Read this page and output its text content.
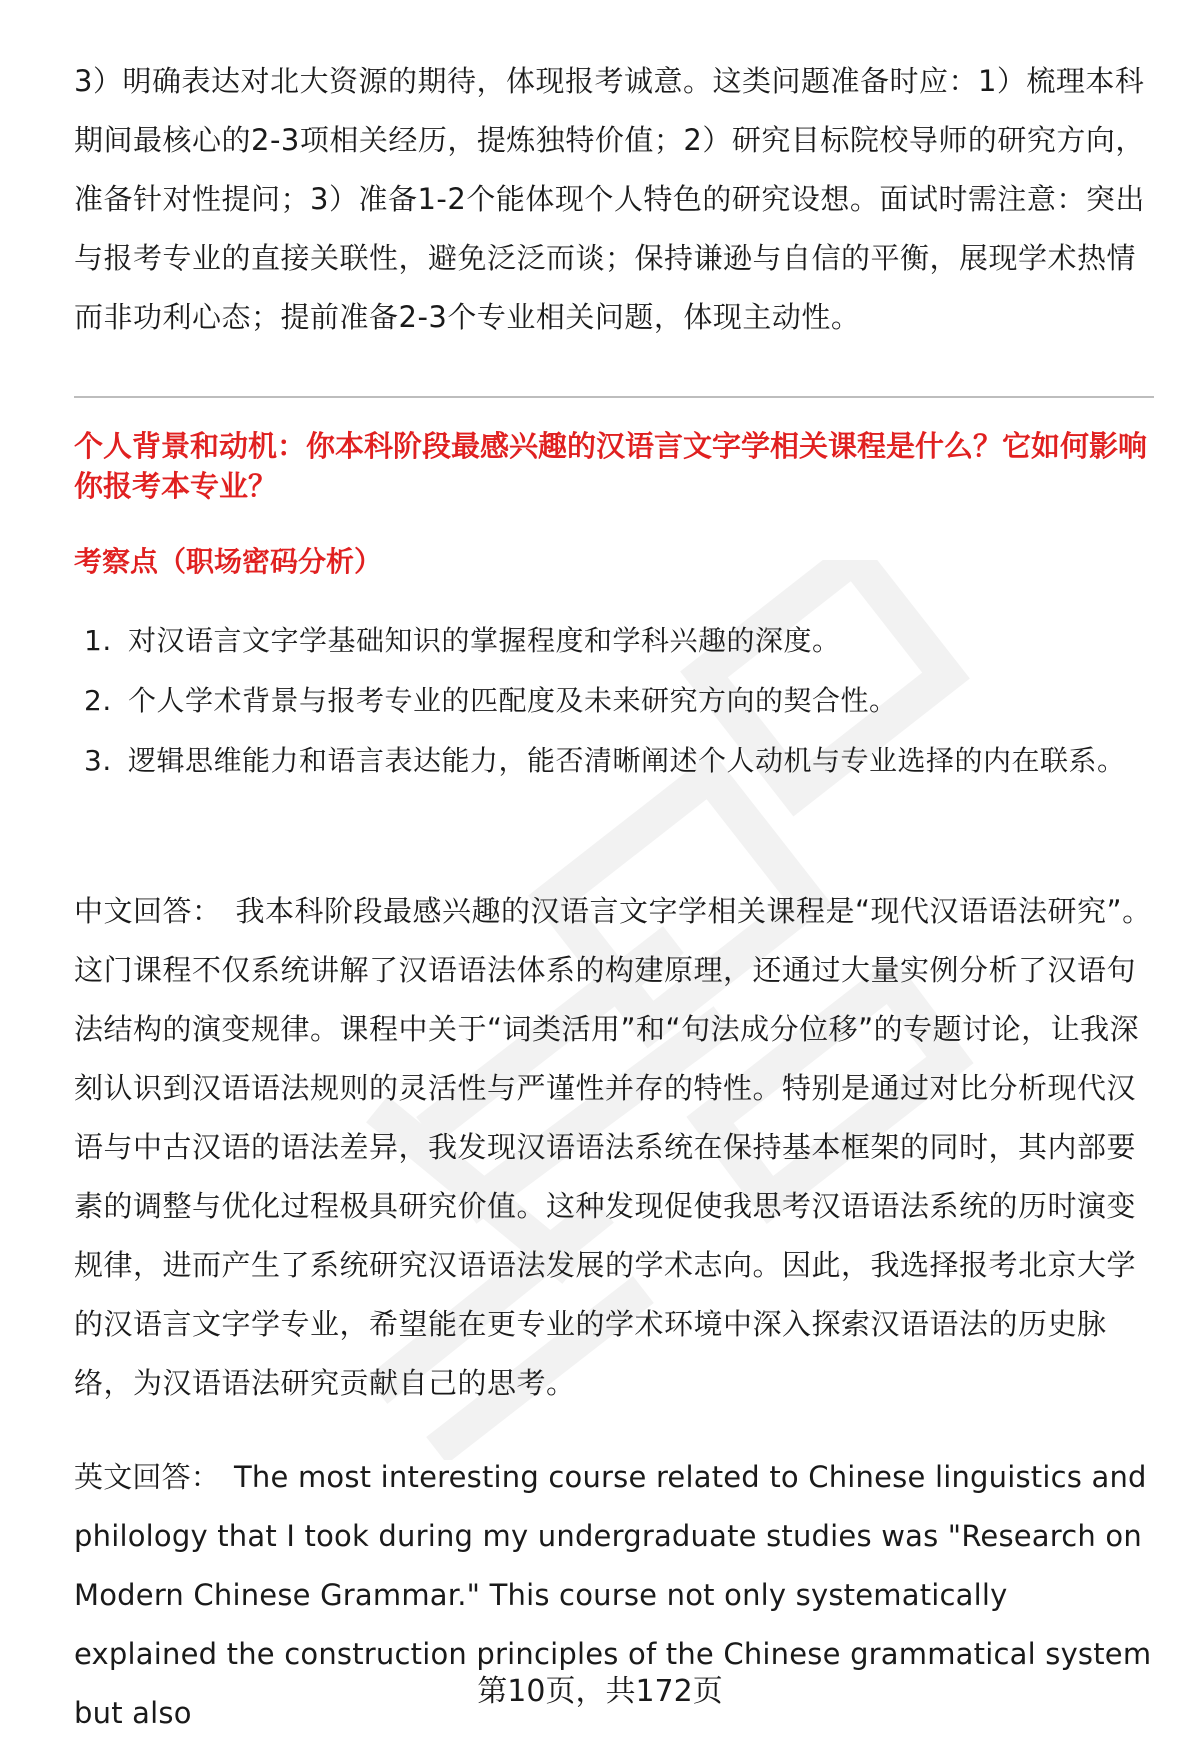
3）明确表达对北大资源的期待，体现报考诚意。这类问题准备时应：1）梳理本科期间最核心的2-3项相关经历，提炼独特价值；2）研究目标院校导师的研究方向，准备针对性提问；3）准备1-2个能体现个人特色的研究设想。面试时需注意：突出与报考专业的直接关联性，避免泛泛而谈；保持谦逊与自信的平衡，展现学术热情而非功利心态；提前准备2-3个专业相关问题，体现主动性。

个人背景和动机：你本科阶段最感兴趣的汉语言文字学相关课程是什么？它如何影响你报考本专业？
考察点（职场密码分析）
1. 对汉语言文字学基础知识的掌握程度和学科兴趣的深度。
2. 个人学术背景与报考专业的匹配度及未来研究方向的契合性。
3. 逻辑思维能力和语言表达能力，能否清晰阐述个人动机与专业选择的内在联系。

中文回答： 我本科阶段最感兴趣的汉语言文字学相关课程是“现代汉语语法研究”。这门课程不仅系统讲解了汉语语法体系的构建原理，还通过大量实例分析了汉语句法结构的演变规律。课程中关于“词类活用”和“句法成分位移”的专题讨论，让我深刻认识到汉语语法规则的灵活性与严谨性并存的特性。特别是通过对比分析现代汉语与中古汉语的语法差异，我发现汉语语法系统在保持基本框架的同时，其内部要素的调整与优化过程极具研究价值。这种发现促使我思考汉语语法系统的历时演变规律，进而产生了系统研究汉语语法发展的学术志向。因此，我选择报考北京大学的汉语言文字学专业，希望能在更专业的学术环境中深入探索汉语语法的历史脉络，为汉语语法研究贡献自己的思考。

英文回答： The most interesting course related to Chinese linguistics and philology that I took during my undergraduate studies was "Research on Modern Chinese Grammar." This course not only systematically explained the construction principles of the Chinese grammatical system but also

第10页，共172页
